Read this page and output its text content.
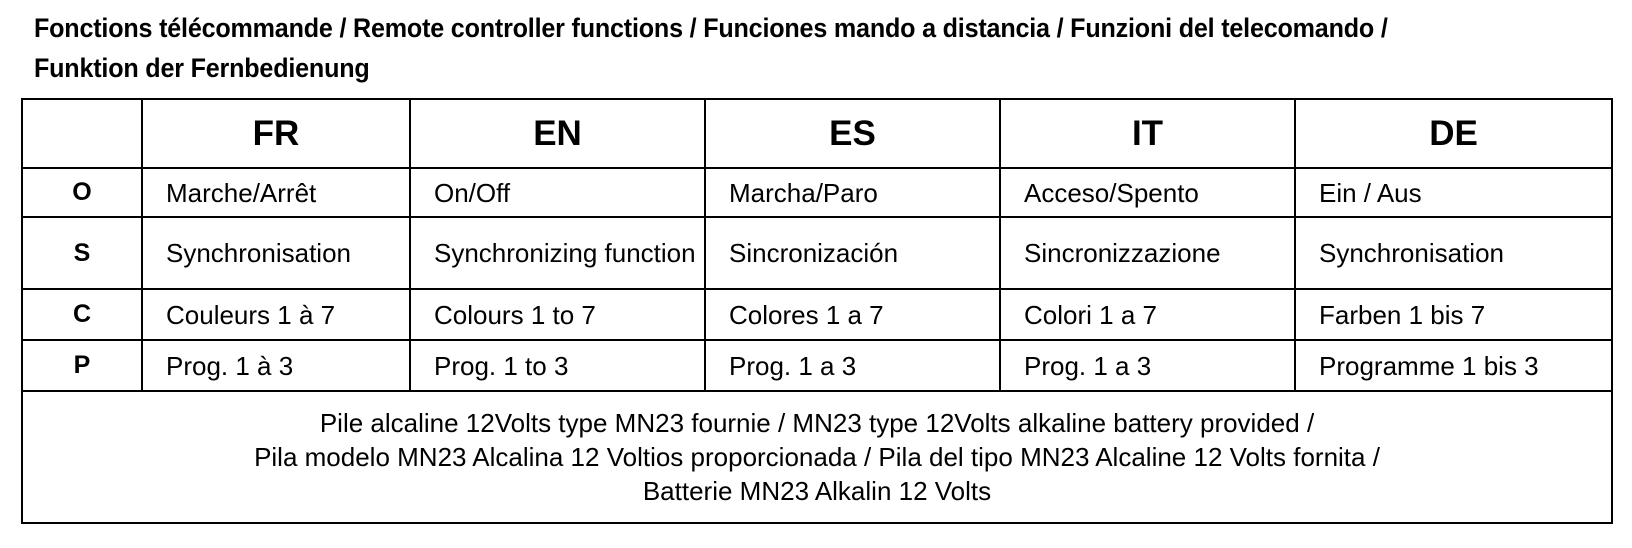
Fonctions télécommande / Remote controller functions / Funciones mando a distancia / Funzioni del telecomando /
Funktion der Fernbedienung
	FR	EN	ES	IT	DE
O	Marche/Arrêt	On/Off	Marcha/Paro	Acceso/Spento	Ein / Aus
S	Synchronisation	Synchronizing function	Sincronización	Sincronizzazione	Synchronisation
C	Couleurs 1 à 7	Colours 1 to 7	Colores 1 a 7	Colori 1 a 7	Farben 1 bis 7
P	Prog. 1 à 3	Prog. 1 to 3	Prog. 1 a 3	Prog. 1 a 3	Programme 1 bis 3

Pile alcaline 12Volts type MN23 fournie / MN23 type 12Volts alkaline battery provided /
Pila modelo MN23 Alcalina 12 Voltios proporcionada / Pila del tipo MN23 Alcaline 12 Volts fornita /
Batterie MN23 Alkalin 12 Volts					
